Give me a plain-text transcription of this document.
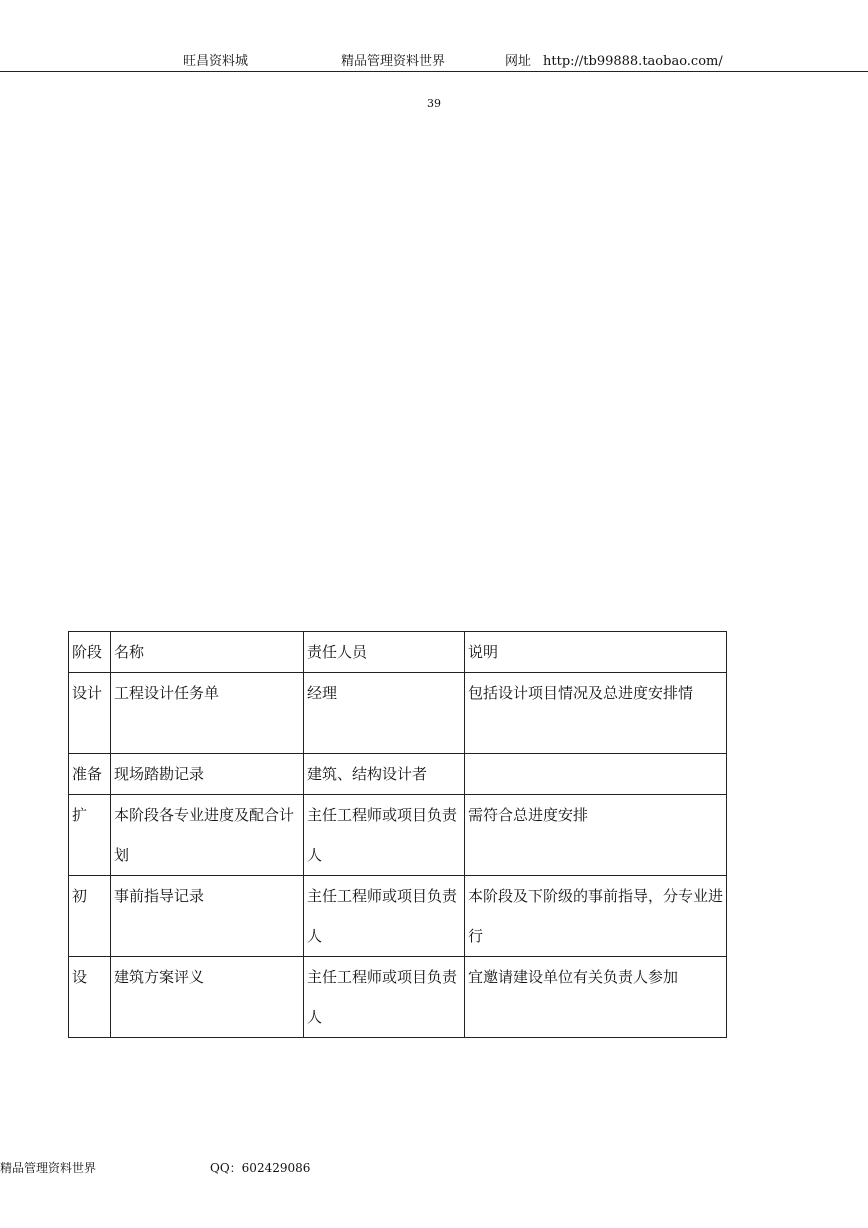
旺昌资料城	精品管理资料世界	网址 http://tb99888.taobao.com/
39
阶段	名称	责任人员	说明
设计	工程设计任务单	经理	包括设计项目情况及总进度安排情
准备	现场踏勘记录	建筑、结构设计者	
扩	本阶段各专业进度及配合计划	主任工程师或项目负责人	需符合总进度安排
初	事前指导记录	主任工程师或项目负责人	本阶段及下阶级的事前指导，分专业进行
设	建筑方案评义	主任工程师或项目负责人	宜邀请建设单位有关负责人参加
精品管理资料世界	QQ：602429086
